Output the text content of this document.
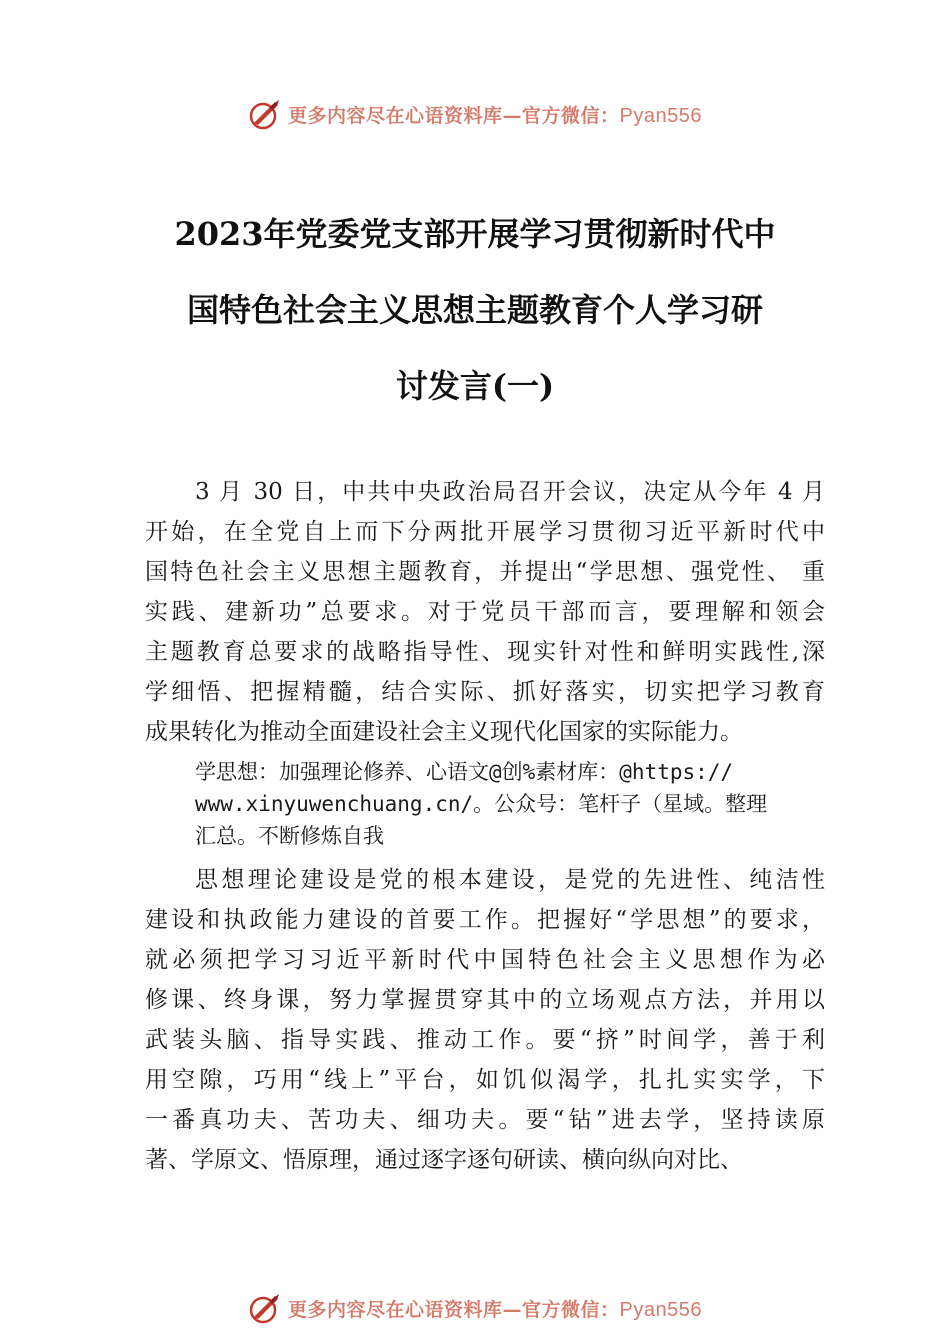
更多内容尽在心语资料库—官方微信：Pyan556
2023年党委党支部开展学习贯彻新时代中
国特色社会主义思想主题教育个人学习研
讨发言(一)
3 月 30 日，中共中央政治局召开会议，决定从今年 4 月
开始，在全党自上而下分两批开展学习贯彻习近平新时代中
国特色社会主义思想主题教育，并提出“学思想、强党性、 重
实践、建新功”总要求。对于党员干部而言，要理解和领会
主题教育总要求的战略指导性、现实针对性和鲜明实践性,深
学细悟、把握精髓，结合实际、抓好落实，切实把学习教育
成果转化为推动全面建设社会主义现代化国家的实际能力。
学思想：加强理论修养、心语文@创%素材库：@https://
www.xinyuwenchuang.cn/。公众号：笔杆子（星域。整理
汇总。不断修炼自我
思想理论建设是党的根本建设，是党的先进性、纯洁性
建设和执政能力建设的首要工作。把握好“学思想”的要求，
就必须把学习习近平新时代中国特色社会主义思想作为必
修课、终身课，努力掌握贯穿其中的立场观点方法，并用以
武装头脑、指导实践、推动工作。要“挤”时间学，善于利
用空隙，巧用“线上”平台，如饥似渴学，扎扎实实学，下
一番真功夫、苦功夫、细功夫。要“钻”进去学，坚持读原
著、学原文、悟原理，通过逐字逐句研读、横向纵向对比、
更多内容尽在心语资料库—官方微信：Pyan556
